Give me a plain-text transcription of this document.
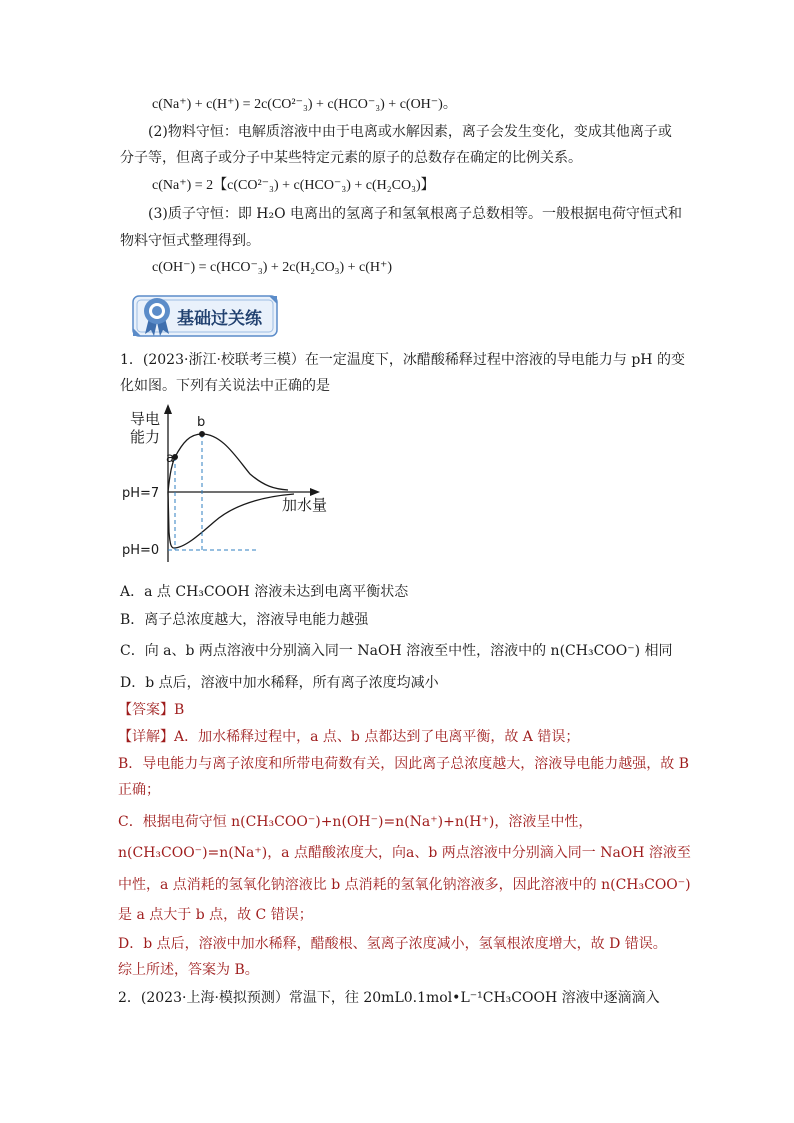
c(Na⁺) + c(H⁺) = 2c(CO²⁻₃) + c(HCO⁻₃) + c(OH⁻)。
(2)物料守恒：电解质溶液中由于电离或水解因素，离子会发生变化，变成其他离子或
分子等，但离子或分子中某些特定元素的原子的总数存在确定的比例关系。
c(Na⁺) = 2【c(CO²⁻₃) + c(HCO⁻₃) + c(H₂CO₃)】
(3)质子守恒：即 H₂O 电离出的氢离子和氢氧根离子总数相等。一般根据电荷守恒式和
物料守恒式整理得到。
c(OH⁻) = c(HCO⁻₃) + 2c(H₂CO₃) + c(H⁺)
基础过关练
1．(2023·浙江·校联考三模）在一定温度下，冰醋酸稀释过程中溶液的导电能力与 pH 的变
化如图。下列有关说法中正确的是
导电
能力
pH=7
pH=0
加水量
a
b
A．a 点 CH₃COOH 溶液未达到电离平衡状态
B．离子总浓度越大，溶液导电能力越强
C．向 a、b 两点溶液中分别滴入同一 NaOH 溶液至中性，溶液中的 n(CH₃COO⁻) 相同
D．b 点后，溶液中加水稀释，所有离子浓度均减小
【答案】B
【详解】A．加水稀释过程中，a 点、b 点都达到了电离平衡，故 A 错误；
B．导电能力与离子浓度和所带电荷数有关，因此离子总浓度越大，溶液导电能力越强，故 B
正确；
C．根据电荷守恒 n(CH₃COO⁻)+n(OH⁻)=n(Na⁺)+n(H⁺)，溶液呈中性，
n(CH₃COO⁻)=n(Na⁺)，a 点醋酸浓度大，向a、b 两点溶液中分别滴入同一 NaOH 溶液至
中性，a 点消耗的氢氧化钠溶液比 b 点消耗的氢氧化钠溶液多，因此溶液中的 n(CH₃COO⁻)
是 a 点大于 b 点，故 C 错误；
D．b 点后，溶液中加水稀释，醋酸根、氢离子浓度减小，氢氧根浓度增大，故 D 错误。
综上所述，答案为 B。
2．(2023·上海·模拟预测）常温下，往 20mL0.1mol•L⁻¹CH₃COOH 溶液中逐滴滴入
